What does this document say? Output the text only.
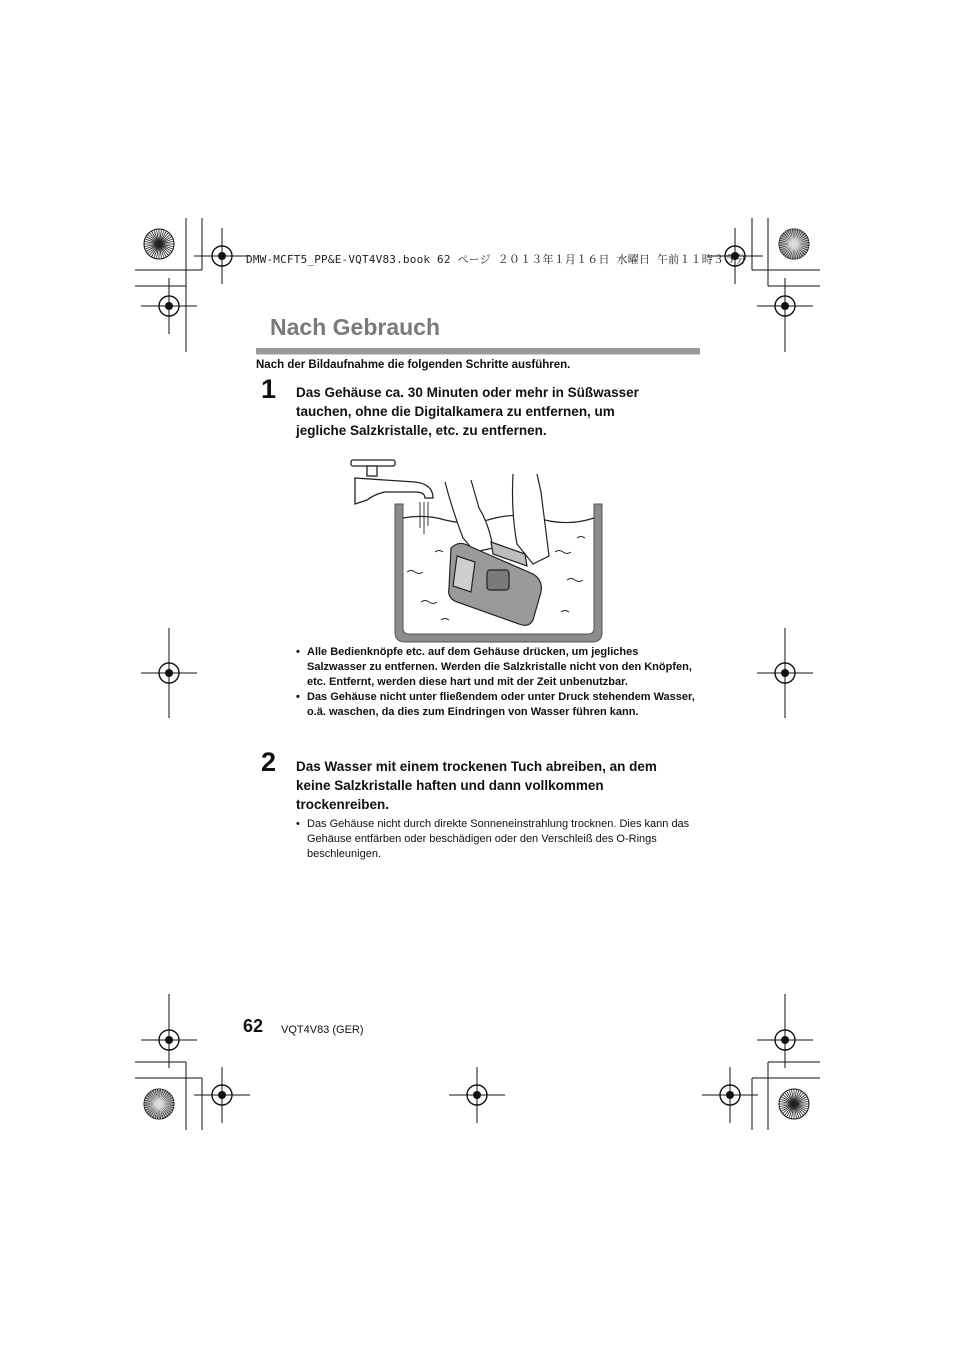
DMW-MCFT5_PP&E-VQT4V83.book 62 ページ ２０１３年１月１６日 水曜日 午前１１時３５分
Nach Gebrauch
Nach der Bildaufnahme die folgenden Schritte ausführen.
1 Das Gehäuse ca. 30 Minuten oder mehr in Süßwasser
tauchen, ohne die Digitalkamera zu entfernen, um
jegliche Salzkristalle, etc. zu entfernen.
• Alle Bedienknöpfe etc. auf dem Gehäuse drücken, um jegliches Salzwasser zu entfernen. Werden die Salzkristalle nicht von den Knöpfen, etc. Entfernt, werden diese hart und mit der Zeit unbenutzbar.
• Das Gehäuse nicht unter fließendem oder unter Druck stehendem Wasser, o.ä. waschen, da dies zum Eindringen von Wasser führen kann.
2 Das Wasser mit einem trockenen Tuch abreiben, an dem
keine Salzkristalle haften und dann vollkommen
trockenreiben.
• Das Gehäuse nicht durch direkte Sonneneinstrahlung trocknen. Dies kann das Gehäuse entfärben oder beschädigen oder den Verschleiß des O-Rings beschleunigen.
62 VQT4V83 (GER)
